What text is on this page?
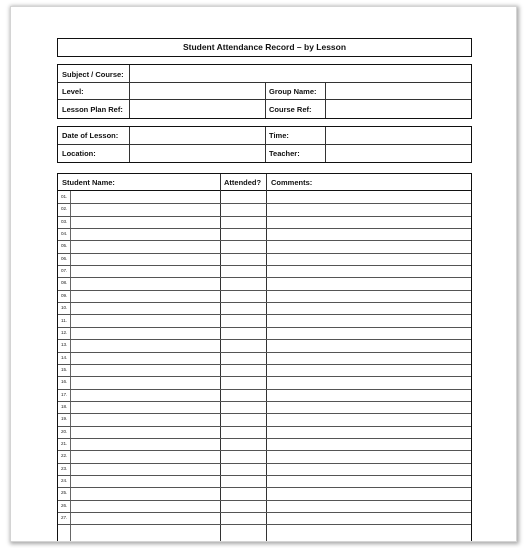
Student Attendance Record – by Lesson
Subject / Course:
Level:	Group Name:
Lesson Plan Ref:	Course Ref:
Date of Lesson:	Time:
Location:	Teacher:
Student Name:	Attended? Comments:
01.
02.
03.
04.
05.
06.
07.
08.
09.
10.
11.
12.
13.
14.
15.
16.
17.
18.
19.
20.
21.
22.
23.
24.
25.
26.
27.
